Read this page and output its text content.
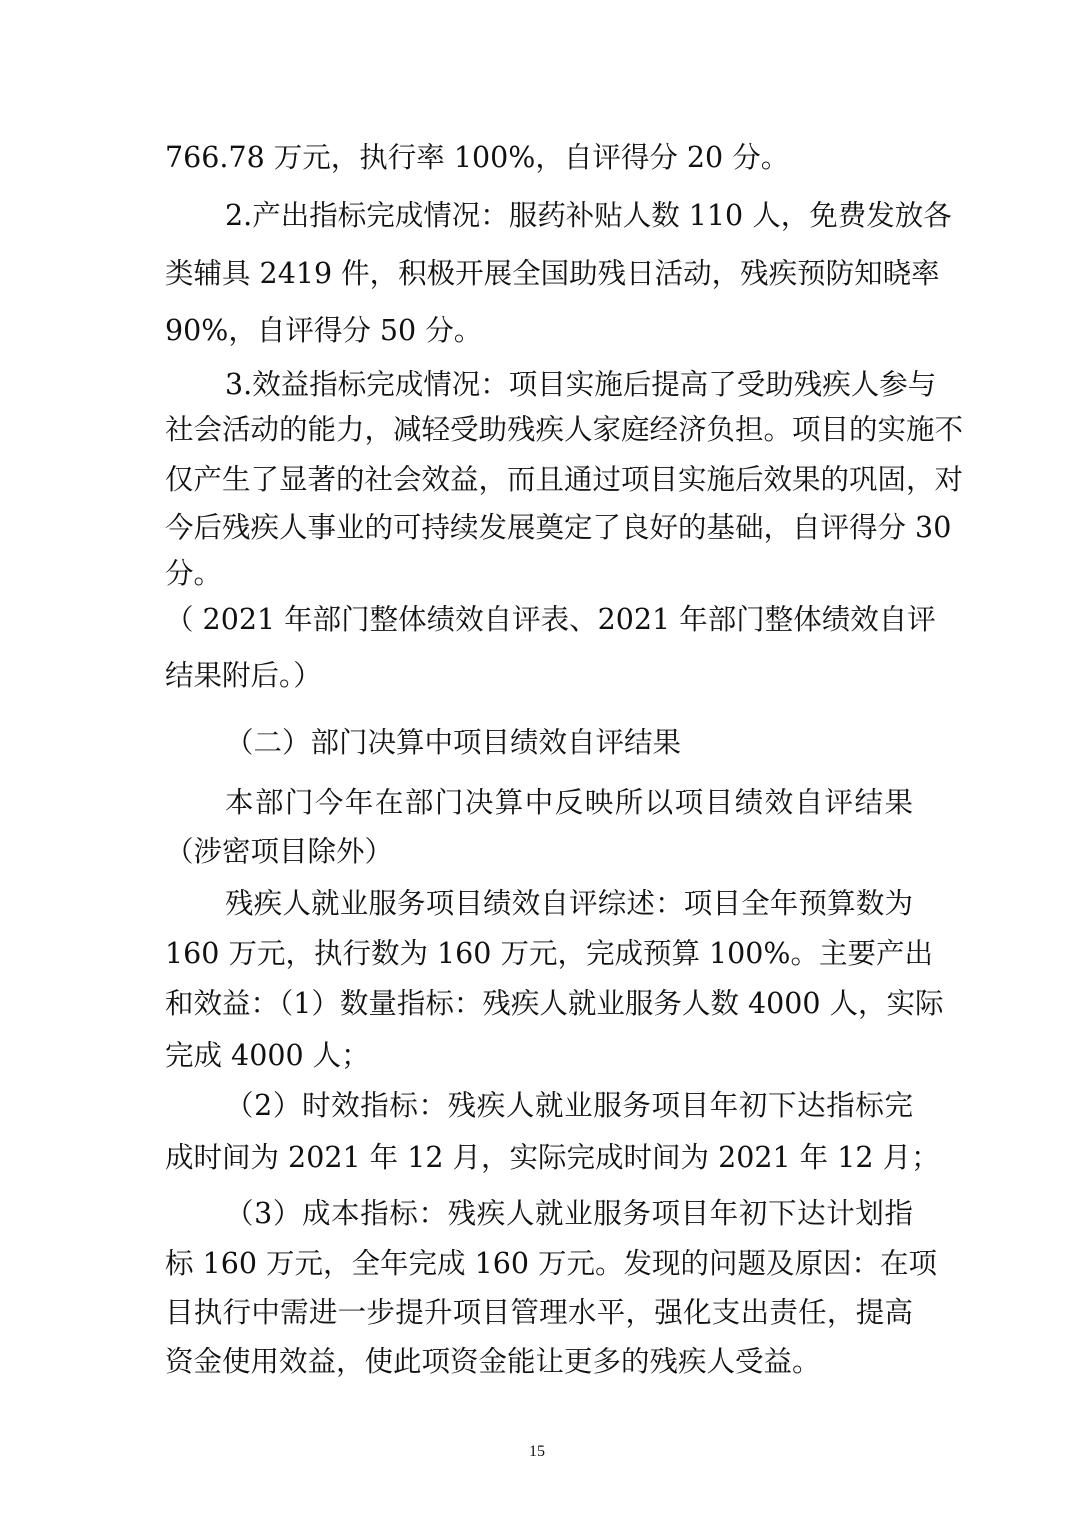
766.78 万元，执行率 100%，自评得分 20 分。
2.产出指标完成情况：服药补贴人数 110 人，免费发放各
类辅具 2419 件，积极开展全国助残日活动，残疾预防知晓率
90%，自评得分 50 分。
3.效益指标完成情况：项目实施后提高了受助残疾人参与
社会活动的能力，减轻受助残疾人家庭经济负担。项目的实施不
仅产生了显著的社会效益，而且通过项目实施后效果的巩固，对
今后残疾人事业的可持续发展奠定了良好的基础，自评得分 30
分。
（ 2021 年部门整体绩效自评表、2021 年部门整体绩效自评
结果附后。）
（二）部门决算中项目绩效自评结果
本部门今年在部门决算中反映所以项目绩效自评结果
（涉密项目除外）
残疾人就业服务项目绩效自评综述：项目全年预算数为
160 万元，执行数为 160 万元，完成预算 100%。主要产出
和效益：（1）数量指标：残疾人就业服务人数 4000 人，实际
完成 4000 人；
（2）时效指标：残疾人就业服务项目年初下达指标完
成时间为 2021 年 12 月，实际完成时间为 2021 年 12 月；
（3）成本指标：残疾人就业服务项目年初下达计划指
标 160 万元，全年完成 160 万元。发现的问题及原因：在项
目执行中需进一步提升项目管理水平，强化支出责任，提高
资金使用效益，使此项资金能让更多的残疾人受益。
15
